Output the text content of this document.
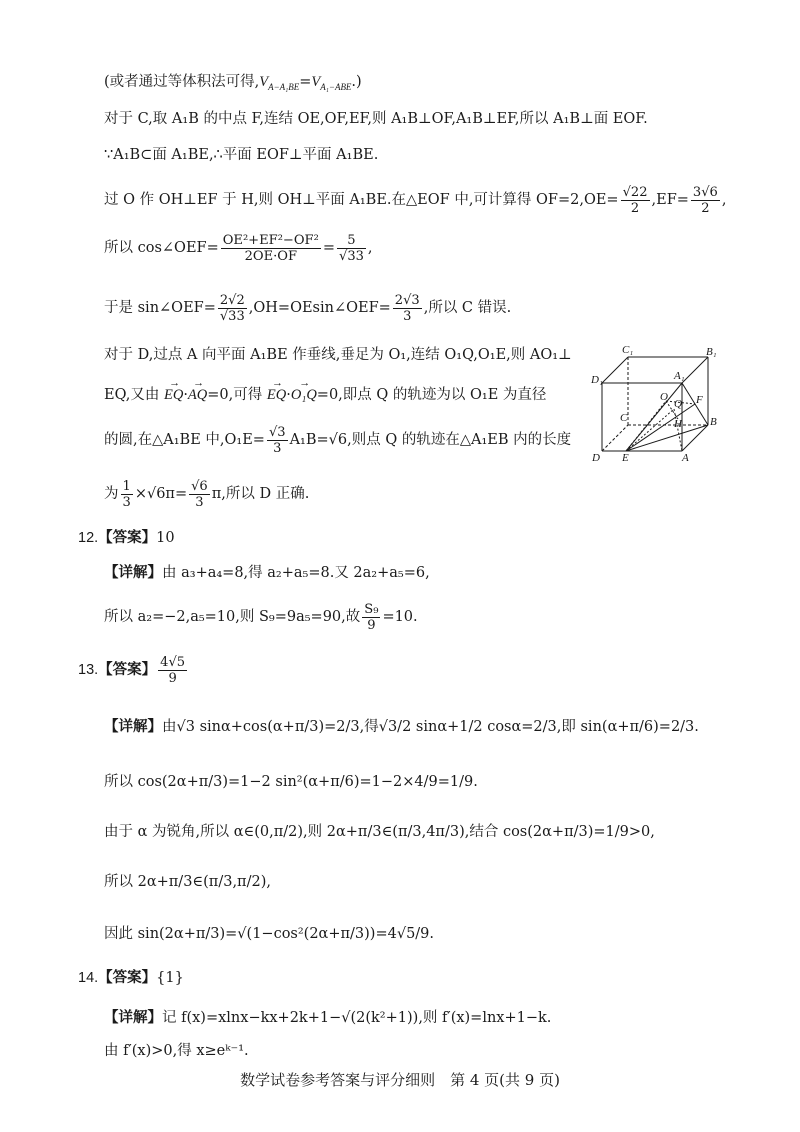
(或者通过等体积法可得$,V_{A-A_1BE}=V_{A_1-ABE}$.)
对于 C,取 A₁B 的中点 F,连结 OE,OF,EF,则 A₁B⊥OF,A₁B⊥EF,所以 A₁B⊥面 EOF.
∵A₁B⊂面 A₁BE,∴平面 EOF⊥平面 A₁BE.
过 O 作 OH⊥EF 于 H,则 OH⊥平面 A₁BE.在△EOF 中,可计算得 $OF=2,OE= \frac{√22}{2} ,EF= \frac{3√6}{2}$ ,
所以 cos∠OEF= $\frac{\text{OE²+EF²−OF²}}{2OE\cdot OF} = \frac{5}{√33}$ ,
于是 sin∠OEF= $\frac{2√2}{√33}$ ,OH=OEsin∠OEF= $\frac{2√3}{3}$ ,所以 C 错误.
对于 D,过点 A 向平面 A₁BE 作垂线,垂足为 O₁,连结 O₁Q,O₁E,则 AO₁⊥
EQ,又由 → EQ·→ AQ=0,可得 → EQ·→ O₁Q=0,即点 Q 的轨迹为以 O₁E 为直径
的圆,在△A₁BE 中$,O_1E= \frac{√3}{3} A_1B=√6$,则点 Q 的轨迹在△A₁EB 内的长度
为 $\frac{1}{3} \times√6\pi= \frac{√6}{3} \pi$,所以 D 正确.
C₁	B₁
D₁	A₁
O
Q F
C	H	B
D E	A
12.【答案】10
【详解】由 a₃+a₄=8,得 a₂+a₅=8.又 2a₂+a₅=6,
所以 a₂=−2,a₅=10,则 S₉=9a₅=90,故 $\frac{\text{S₉}}{9} =10$.
13.【答案】 $\frac{4√5}{9}$
【详解】由√3 sinα+cos(α+π/3)=2/3,得√3/2 sinα+1/2 cosα=2/3,即 sin(α+π/6)=2/3.
所以 cos(2α+π/3)=1−2 sin²(α+π/6)=1−2×4/9=1/9.
由于 α 为锐角,所以 α∈(0,π/2),则 2α+π/3∈(π/3,4π/3),结合 cos(2α+π/3)=1/9>0,
所以 2α+π/3∈(π/3,π/2),
因此 sin(2α+π/3)=√(1−cos²(2α+π/3))=4√5/9.
14.【答案】{1}
【详解】记 f(x)=xlnx−kx+2k+1−√(2(k²+1)),则 f′(x)=lnx+1−k.
由 f′(x)>0,得 x≥eᵏ⁻¹.
数学试卷参考答案与评分细则　第 4 页(共 9 页)
